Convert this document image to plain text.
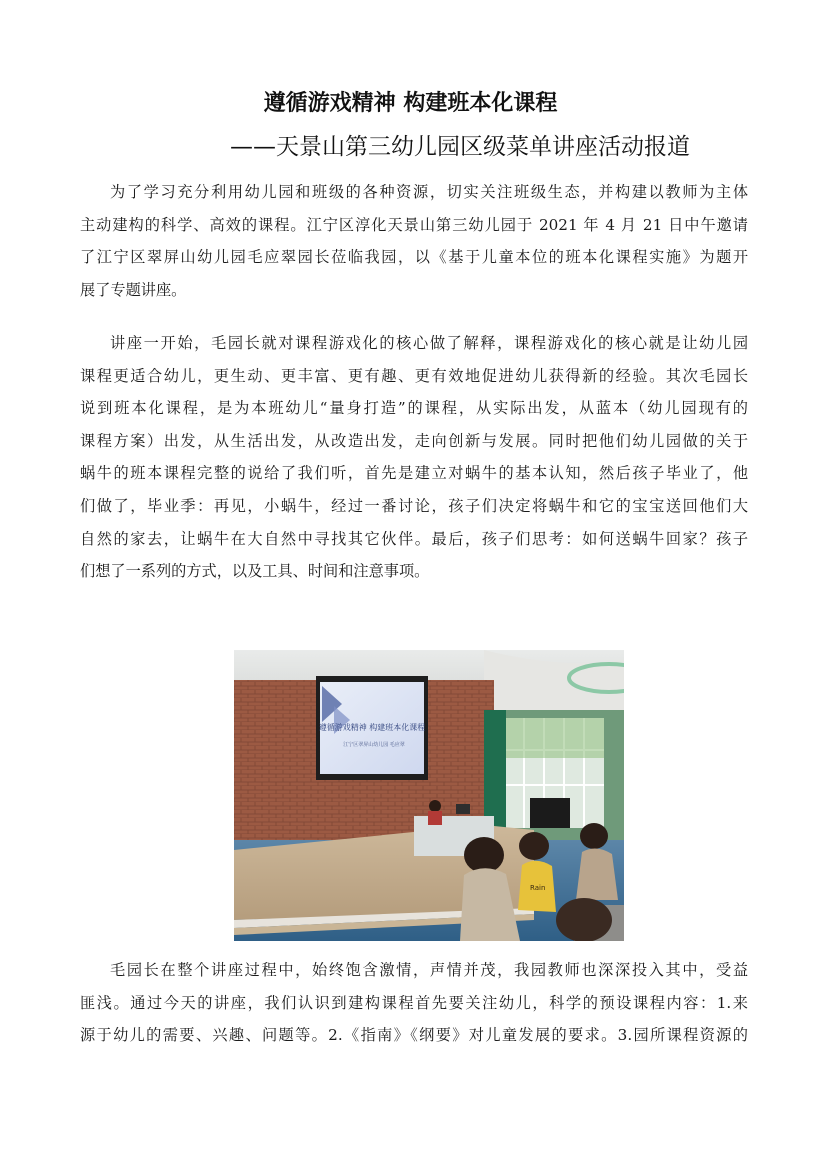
遵循游戏精神 构建班本化课程
——天景山第三幼儿园区级菜单讲座活动报道
为了学习充分利用幼儿园和班级的各种资源，切实关注班级生态，并构建以教师为主体
主动建构的科学、高效的课程。江宁区淳化天景山第三幼儿园于 2021 年 4 月 21 日中午邀请
了江宁区翠屏山幼儿园毛应翠园长莅临我园，以《基于儿童本位的班本化课程实施》为题开
展了专题讲座。
讲座一开始，毛园长就对课程游戏化的核心做了解释，课程游戏化的核心就是让幼儿园
课程更适合幼儿，更生动、更丰富、更有趣、更有效地促进幼儿获得新的经验。其次毛园长
说到班本化课程，是为本班幼儿“量身打造”的课程，从实际出发，从蓝本（幼儿园现有的
课程方案）出发，从生活出发，从改造出发，走向创新与发展。同时把他们幼儿园做的关于
蜗牛的班本课程完整的说给了我们听，首先是建立对蜗牛的基本认知，然后孩子毕业了，他
们做了，毕业季：再见，小蜗牛，经过一番讨论，孩子们决定将蜗牛和它的宝宝送回他们大
自然的家去，让蜗牛在大自然中寻找其它伙伴。最后，孩子们思考：如何送蜗牛回家？孩子
们想了一系列的方式，以及工具、时间和注意事项。
遵循游戏精神 构建班本化课程
江宁区翠屏山幼儿园 毛应翠
Rain
毛园长在整个讲座过程中，始终饱含激情，声情并茂，我园教师也深深投入其中，受益
匪浅。通过今天的讲座，我们认识到建构课程首先要关注幼儿，科学的预设课程内容：1.来
源于幼儿的需要、兴趣、问题等。2.《指南》《纲要》对儿童发展的要求。3.园所课程资源的
